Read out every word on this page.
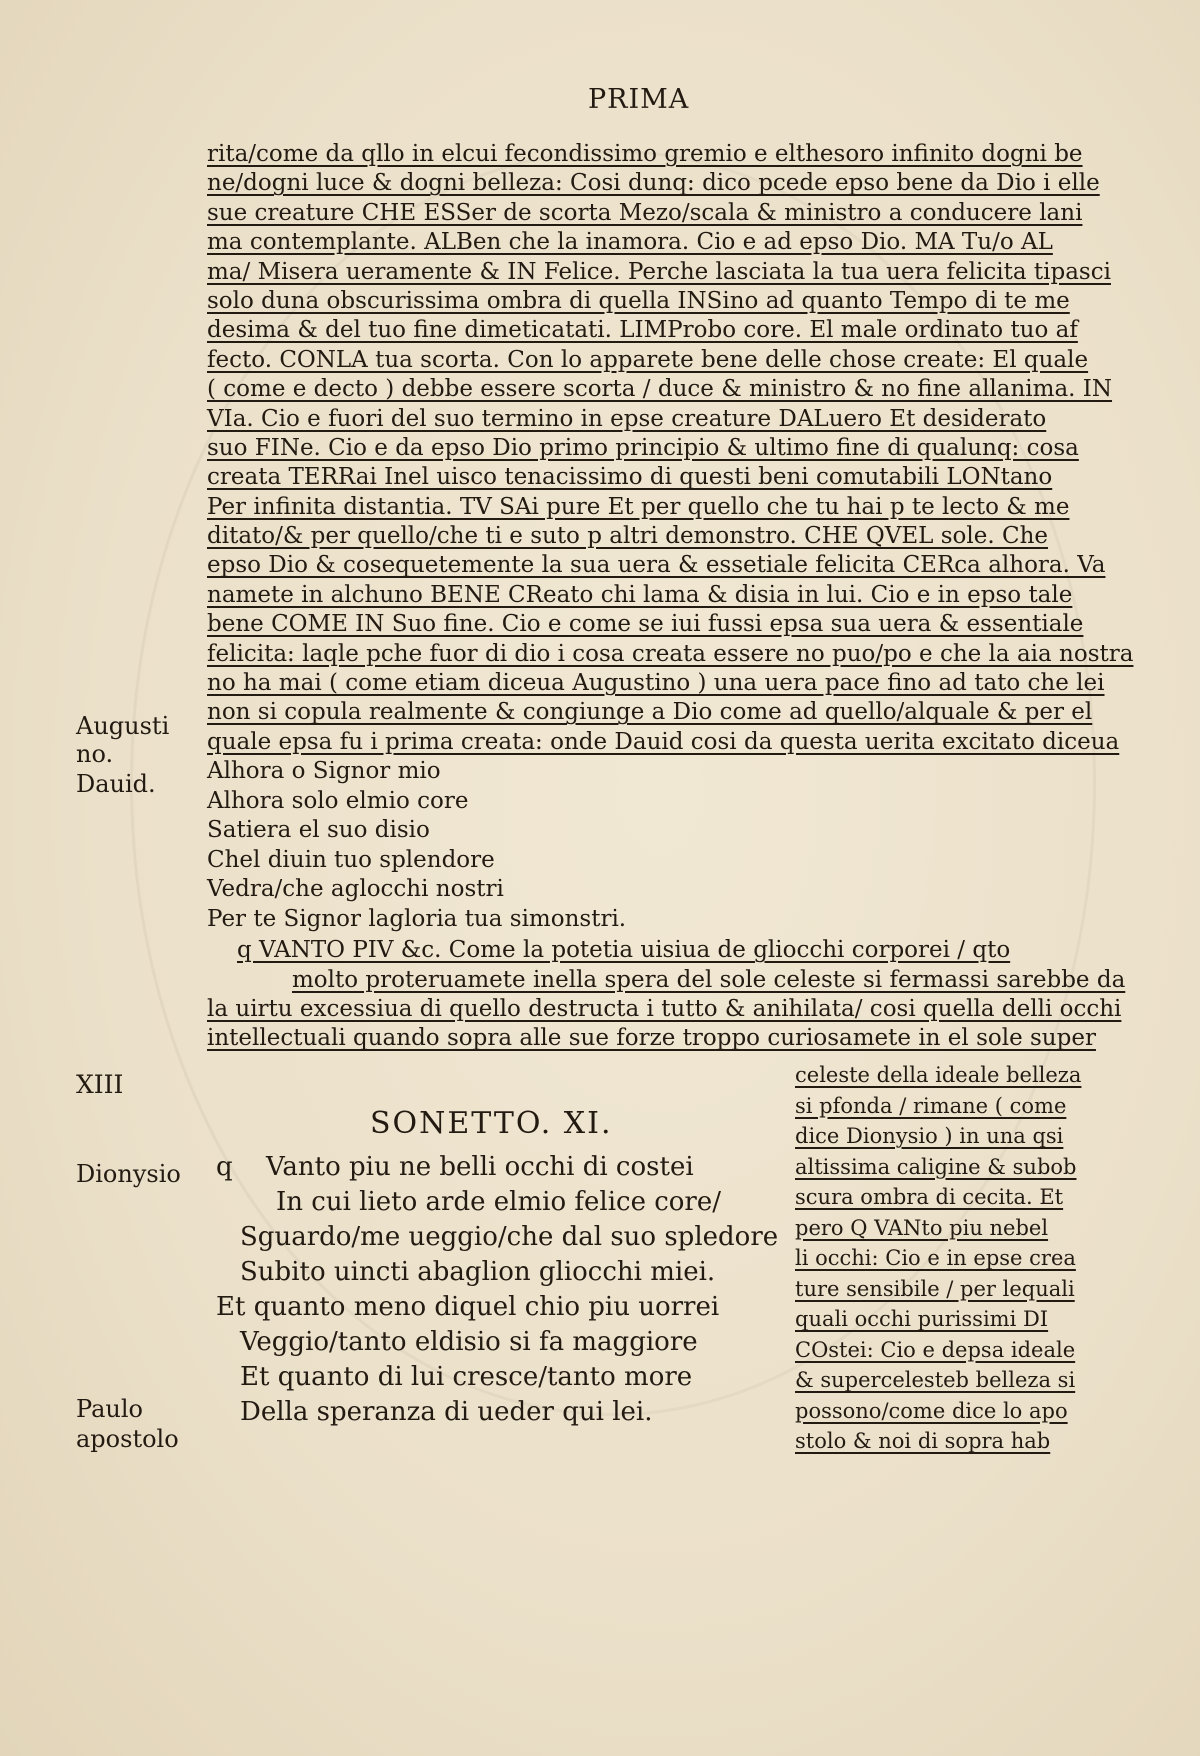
PRIMA
rita/come da qllo in elcui fecondissimo gremio e elthesoro infinito dogni be
ne/dogni luce & dogni belleza: Cosi dunq: dico pcede epso bene da Dio i elle
sue creature CHE ESSer de scorta Mezo/scala & ministro a conducere lani
ma contemplante. ALBen che la inamora. Cio e ad epso Dio. MA Tu/o AL
ma/ Misera ueramente & IN Felice. Perche lasciata la tua uera felicita tipasci
solo duna obscurissima ombra di quella INSino ad quanto Tempo di te me
desima & del tuo fine dimeticatati. LIMProbo core. El male ordinato tuo af
fecto. CONLA tua scorta. Con lo apparete bene delle chose create: El quale
( come e decto ) debbe essere scorta / duce & ministro & no fine allanima. IN
VIa. Cio e fuori del suo termino in epse creature DALuero Et desiderato
suo FINe. Cio e da epso Dio primo principio & ultimo fine di qualunq: cosa
creata TERRai Inel uisco tenacissimo di questi beni comutabili LONtano
Per infinita distantia. TV SAi pure Et per quello che tu hai p te lecto & me
ditato/& per quello/che ti e suto p altri demonstro. CHE QVEL sole. Che
epso Dio & cosequetemente la sua uera & essetiale felicita CERca alhora. Va
namete in alchuno BENE CReato chi lama & disia in lui. Cio e in epso tale
bene COME IN Suo fine. Cio e come se iui fussi epsa sua uera & essentiale
felicita: laqle pche fuor di dio i cosa creata essere no puo/po e che la aia nostra
no ha mai ( come etiam diceua Augustino ) una uera pace fino ad tato che lei
non si copula realmente & congiunge a Dio come ad quello/alquale & per el
quale epsa fu i prima creata: onde Dauid cosi da questa uerita excitato diceua
Alhora o Signor mio
Alhora solo elmio core
Satiera el suo disio
Chel diuin tuo splendore
Vedra/che aglocchi nostri
Per te Signor lagloria tua simonstri.
q VANTO PIV &c. Come la potetia uisiua de gliocchi corporei / qto
molto proteruamete inella spera del sole celeste si fermassi sarebbe da
la uirtu excessiua di quello destructa i tutto & anihilata/ cosi quella delli occhi
intellectuali quando sopra alle sue forze troppo curiosamete in el sole super
Augusti
no.
Dauid.
XIII
Dionysio
Paulo
apostolo
SONETTO. XI.
q Vanto piu ne belli occhi di costei
In cui lieto arde elmio felice core/
Sguardo/me ueggio/che dal suo spledore
Subito uincti abaglion gliocchi miei.
Et quanto meno diquel chio piu uorrei
Veggio/tanto eldisio si fa maggiore
Et quanto di lui cresce/tanto more
Della speranza di ueder qui lei.
celeste della ideale belleza
si pfonda / rimane ( come
dice Dionysio ) in una qsi
altissima caligine & subob
scura ombra di cecita. Et
pero Q VANto piu nebel
li occhi: Cio e in epse crea
ture sensibile / per lequali
quali occhi purissimi DI
COstei: Cio e depsa ideale
& supercelesteb belleza si
possono/come dice lo apo
stolo & noi di sopra hab
